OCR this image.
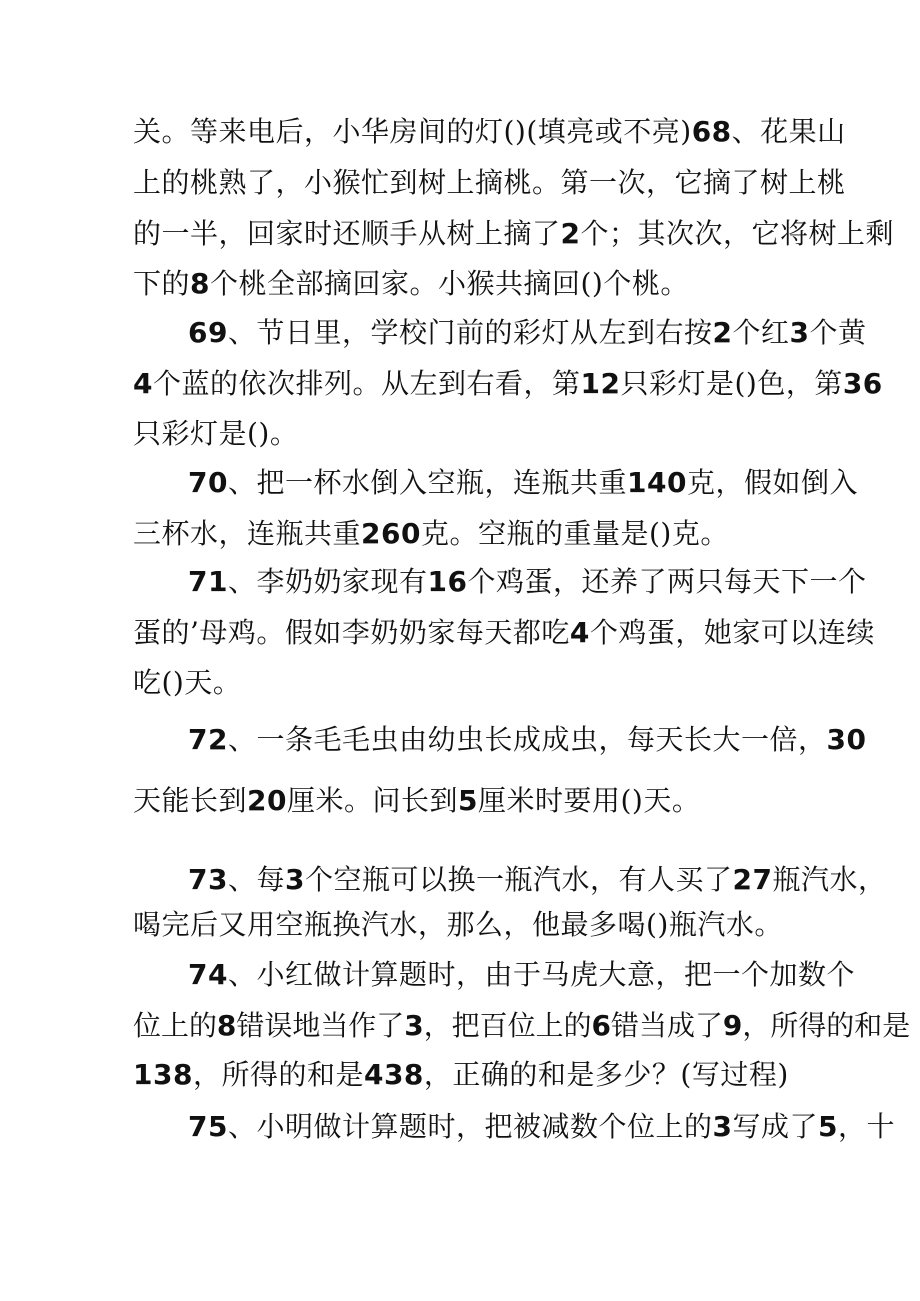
关。等来电后，小华房间的灯()(填亮或不亮)68、花果山
上的桃熟了，小猴忙到树上摘桃。第一次，它摘了树上桃
的一半，回家时还顺手从树上摘了2个；其次次，它将树上剩
下的8个桃全部摘回家。小猴共摘回()个桃。
69、节日里，学校门前的彩灯从左到右按2个红3个黄
4个蓝的依次排列。从左到右看，第12只彩灯是()色，第36
只彩灯是()。
70、把一杯水倒入空瓶，连瓶共重140克，假如倒入
三杯水，连瓶共重260克。空瓶的重量是()克。
71、李奶奶家现有16个鸡蛋，还养了两只每天下一个
蛋的’母鸡。假如李奶奶家每天都吃4个鸡蛋，她家可以连续
吃()天。
72、一条毛毛虫由幼虫长成成虫，每天长大一倍，30
天能长到20厘米。问长到5厘米时要用()天。
73、每3个空瓶可以换一瓶汽水，有人买了27瓶汽水，
喝完后又用空瓶换汽水，那么，他最多喝()瓶汽水。
74、小红做计算题时，由于马虎大意，把一个加数个
位上的8错误地当作了3，把百位上的6错当成了9，所得的和是
138，所得的和是438，正确的和是多少？(写过程)
75、小明做计算题时，把被减数个位上的3写成了5，十
